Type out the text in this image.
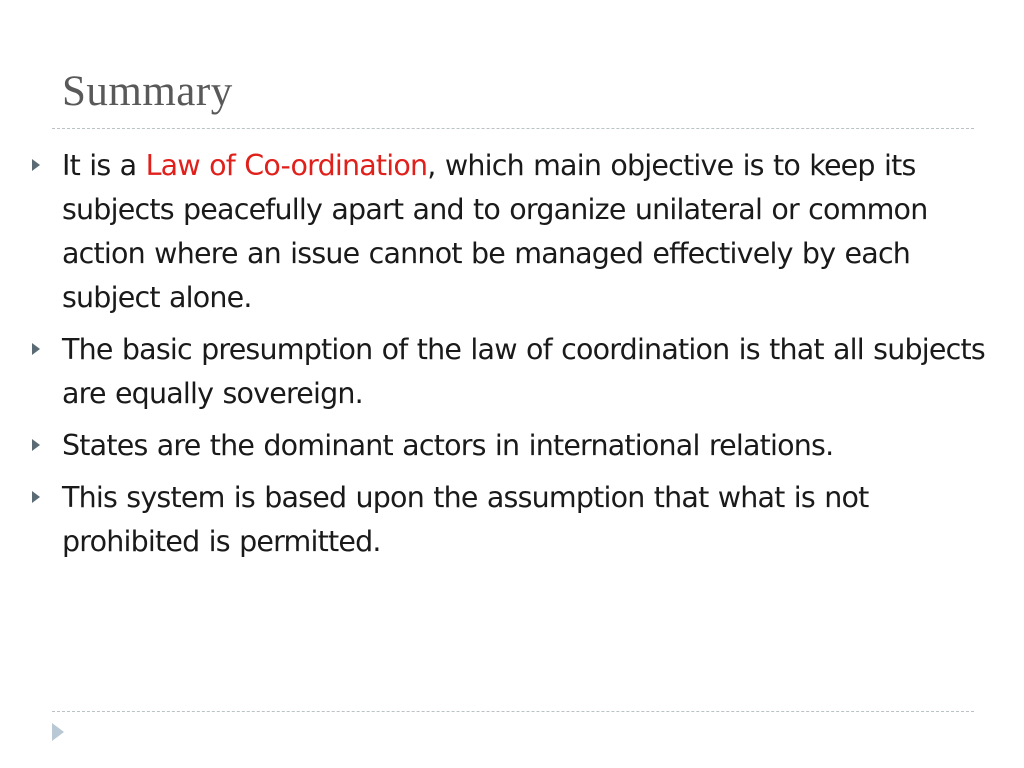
Summary
It is a Law of Co-ordination, which main objective is to keep its subjects peacefully apart and to organize unilateral or common action where an issue cannot be managed effectively by each subject alone.
The basic presumption of the law of coordination is that all subjects are equally sovereign.
States are the dominant actors in international relations.
This system is based upon the assumption that what is not prohibited is permitted.
